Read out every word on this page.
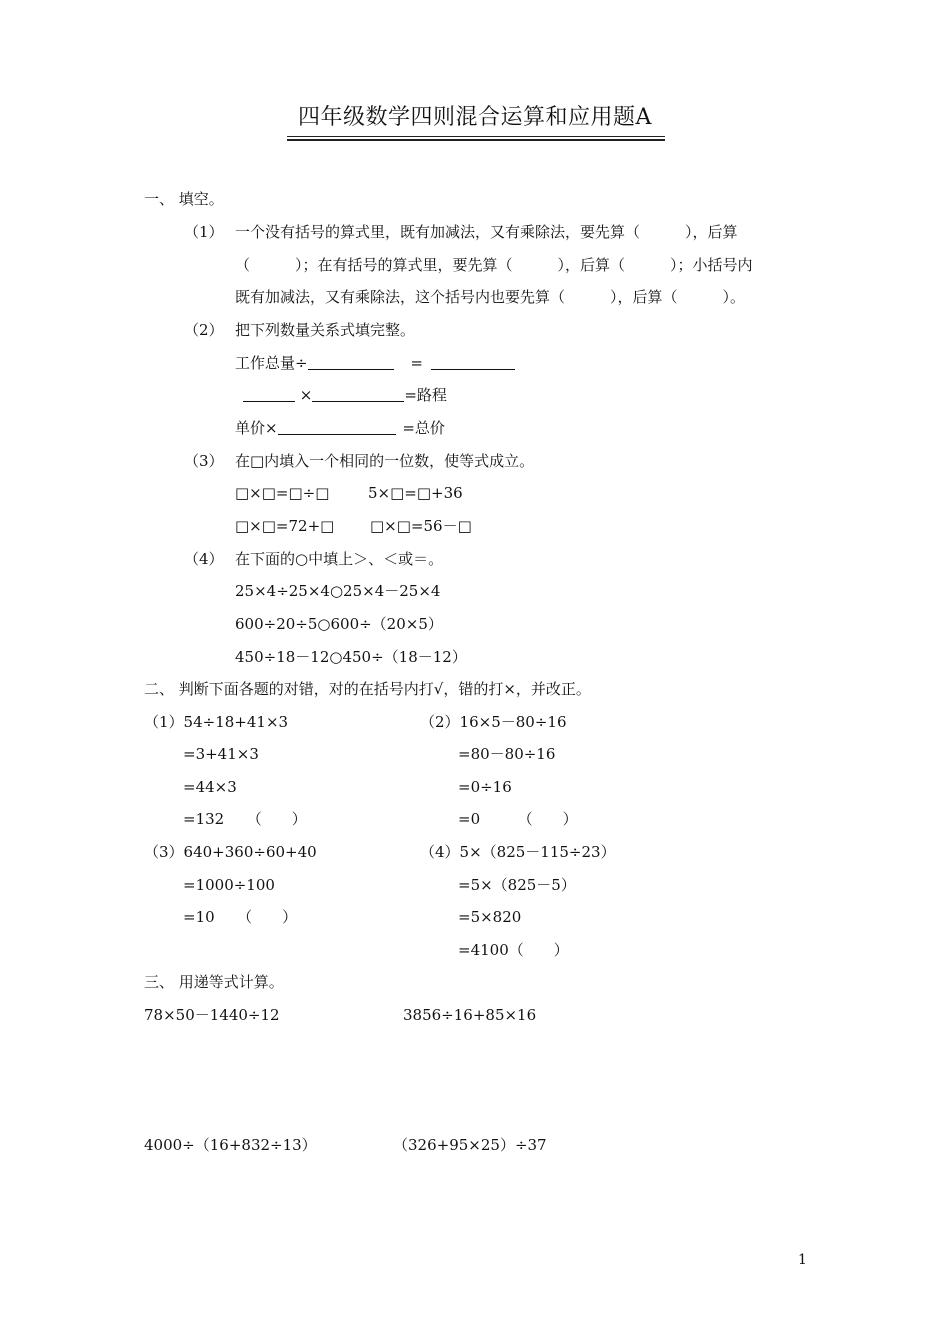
四年级数学四则混合运算和应用题A
一、 填空。
（1） 一个没有括号的算式里，既有加减法，又有乘除法，要先算（　　　），后算
（　　　）；在有括号的算式里，要先算（　　　），后算（　　　）；小括号内
既有加减法，又有乘除法，这个括号内也要先算（　　　），后算（　　　）。
（2） 把下列数量关系式填完整。
工作总量÷	=
×	=路程
单价×	=总价
（3） 在□内填入一个相同的一位数，使等式成立。
□×□=□÷□	5×□=□+36
□×□=72+□ □×□=56－□
（4） 在下面的○中填上＞、＜或＝。
25×4÷25×4○25×4－25×4
600÷20÷5○600÷（20×5）
450÷18－12○450÷（18－12）
二、 判断下面各题的对错，对的在括号内打√，错的打×，并改正。
（1）54÷18+41×3
=3+41×3
=44×3
=132　　（　　）
（2）16×5－80÷16
=80－80÷16
=0÷16
=0　　　（　　）
（3）640+360÷60+40
=1000÷100
=10　　（　　）
（4）5×（825－115÷23）
=5×（825－5）
=5×820
=4100（　　）
三、 用递等式计算。
78×50－1440÷12	3856÷16+85×16
4000÷（16+832÷13）	（326+95×25）÷37
1
